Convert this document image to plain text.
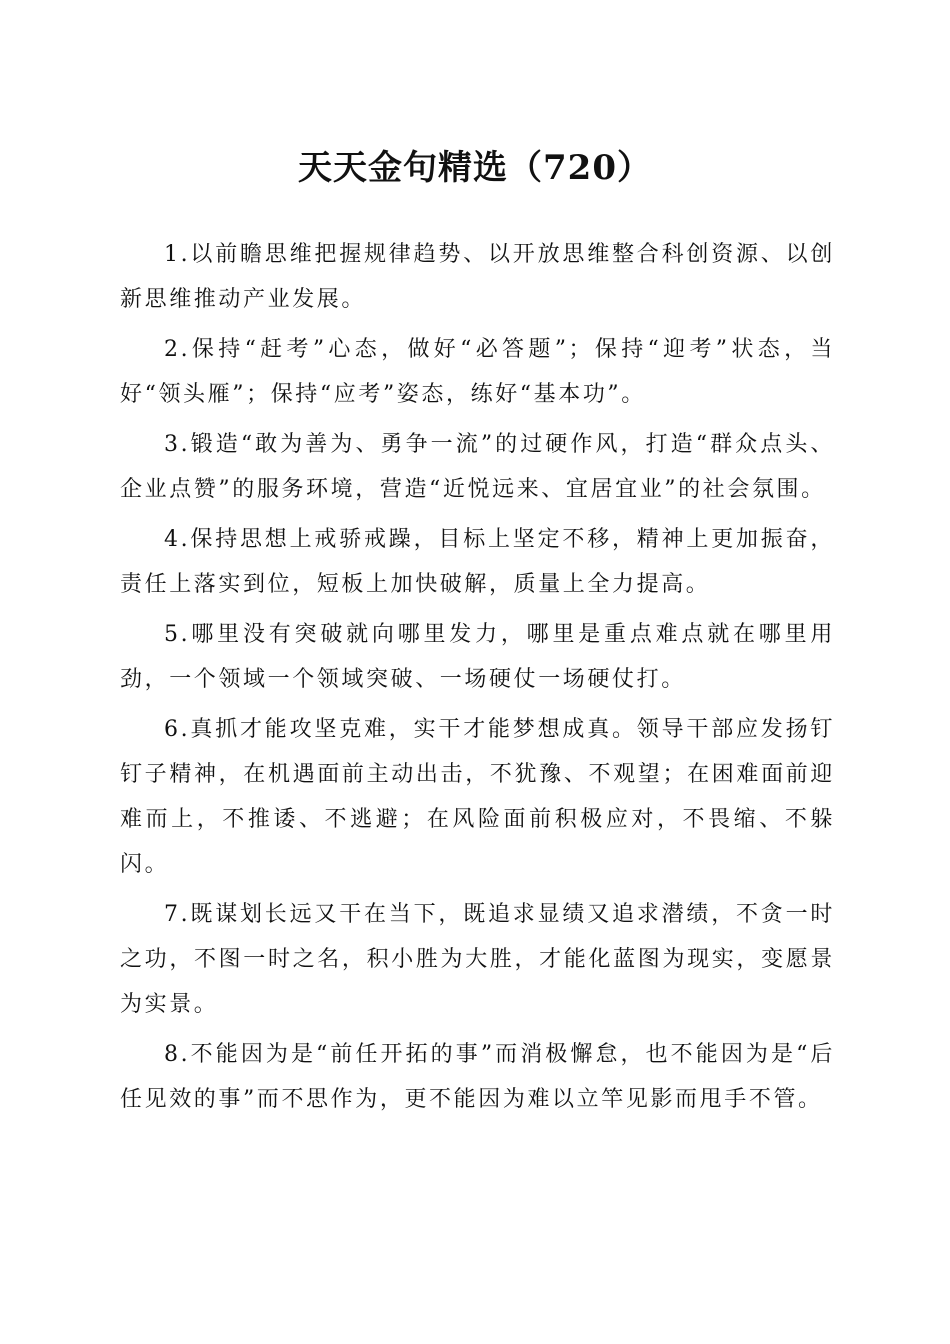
天天金句精选（720）

1.以前瞻思维把握规律趋势、以开放思维整合科创资源、以创新思维推动产业发展。

2.保持“赶考”心态，做好“必答题”；保持“迎考”状态，当好“领头雁”；保持“应考”姿态，练好“基本功”。

3.锻造“敢为善为、勇争一流”的过硬作风，打造“群众点头、企业点赞”的服务环境，营造“近悦远来、宜居宜业”的社会氛围。

4.保持思想上戒骄戒躁，目标上坚定不移，精神上更加振奋，责任上落实到位，短板上加快破解，质量上全力提高。

5.哪里没有突破就向哪里发力，哪里是重点难点就在哪里用劲，一个领域一个领域突破、一场硬仗一场硬仗打。

6.真抓才能攻坚克难，实干才能梦想成真。领导干部应发扬钉钉子精神，在机遇面前主动出击，不犹豫、不观望；在困难面前迎难而上，不推诿、不逃避；在风险面前积极应对，不畏缩、不躲闪。

7.既谋划长远又干在当下，既追求显绩又追求潜绩，不贪一时之功，不图一时之名，积小胜为大胜，才能化蓝图为现实，变愿景为实景。

8.不能因为是“前任开拓的事”而消极懈怠，也不能因为是“后任见效的事”而不思作为，更不能因为难以立竿见影而甩手不管。
